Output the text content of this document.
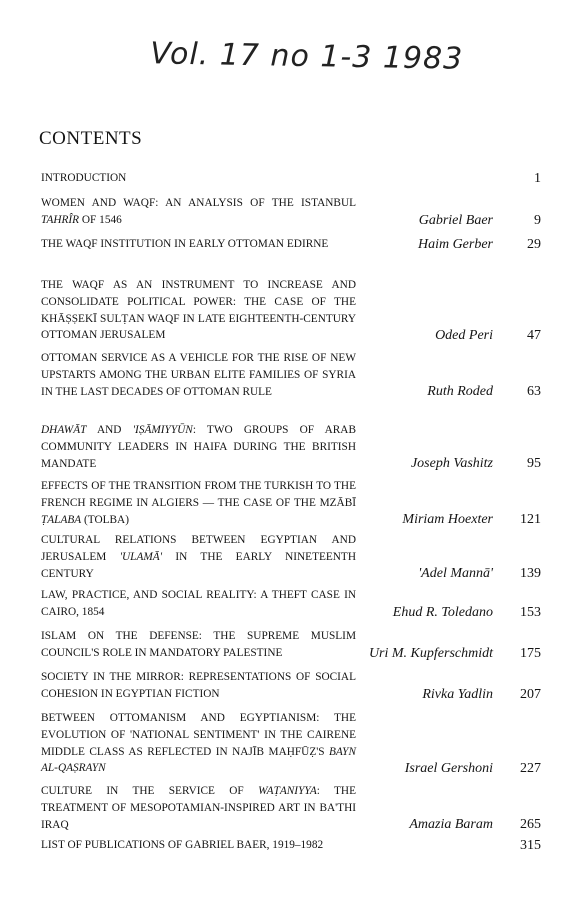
Vol. 17 no 1-3 1983
CONTENTS
INTRODUCTION	1
WOMEN AND WAQF: AN ANALYSIS OF THE ISTANBUL TAHRÎR OF 1546	Gabriel Baer	9
THE WAQF INSTITUTION IN EARLY OTTOMAN EDIRNE	Haim Gerber	29
THE WAQF AS AN INSTRUMENT TO INCREASE AND CONSOLIDATE POLITICAL POWER: THE CASE OF THE KHĀṢṢEKĪ SULṬAN WAQF IN LATE EIGHTEENTH-CENTURY OTTOMAN JERUSALEM	Oded Peri	47
OTTOMAN SERVICE AS A VEHICLE FOR THE RISE OF NEW UPSTARTS AMONG THE URBAN ELITE FAMILIES OF SYRIA IN THE LAST DECADES OF OTTOMAN RULE	Ruth Roded	63
DHAWĀT AND 'IṢĀMIYYŪN: TWO GROUPS OF ARAB COMMUNITY LEADERS IN HAIFA DURING THE BRITISH MANDATE	Joseph Vashitz	95
EFFECTS OF THE TRANSITION FROM THE TURKISH TO THE FRENCH REGIME IN ALGIERS — THE CASE OF THE MZĀBĪ ṬALABA (TOLBA)	Miriam Hoexter	121
CULTURAL RELATIONS BETWEEN EGYPTIAN AND JERUSALEM 'ULAMĀ' IN THE EARLY NINETEENTH CENTURY	'Adel Mannā'	139
LAW, PRACTICE, AND SOCIAL REALITY: A THEFT CASE IN CAIRO, 1854	Ehud R. Toledano	153
ISLAM ON THE DEFENSE: THE SUPREME MUSLIM COUNCIL'S ROLE IN MANDATORY PALESTINE	Uri M. Kupferschmidt	175
SOCIETY IN THE MIRROR: REPRESENTATIONS OF SOCIAL COHESION IN EGYPTIAN FICTION	Rivka Yadlin	207
BETWEEN OTTOMANISM AND EGYPTIANISM: THE EVOLUTION OF 'NATIONAL SENTIMENT' IN THE CAIRENE MIDDLE CLASS AS REFLECTED IN NAJĪB MAḤFŪẒ'S BAYN AL-QAṢRAYN	Israel Gershoni	227
CULTURE IN THE SERVICE OF WAṬANIYYA: THE TREATMENT OF MESOPOTAMIAN-INSPIRED ART IN BA'THI IRAQ	Amazia Baram	265
LIST OF PUBLICATIONS OF GABRIEL BAER, 1919–1982	315
